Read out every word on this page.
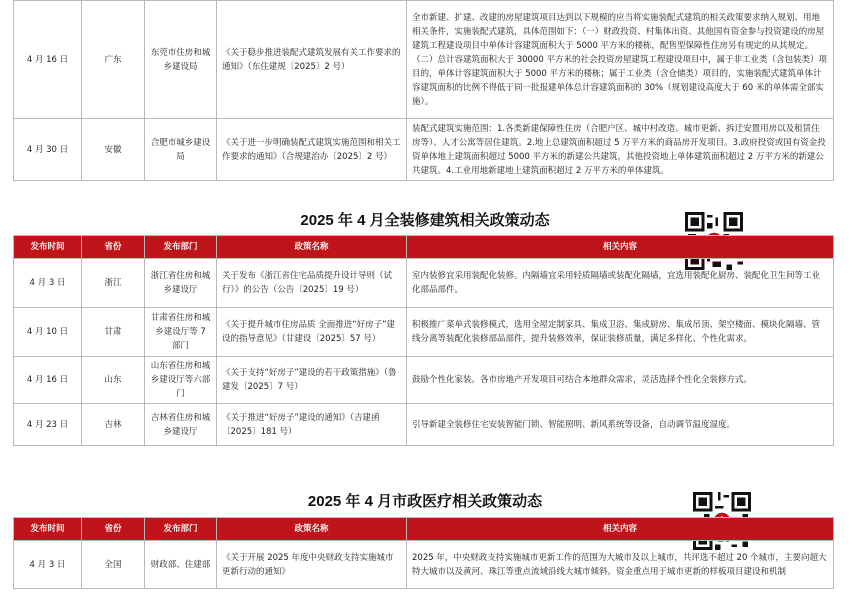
4 月 16 日	广东	东莞市住房和城乡建设局	《关于稳步推进装配式建筑发展有关工作要求的通知》（东住建规〔2025〕2 号）	全市新建、扩建、改建的房屋建筑项目达到以下规模的应当将实施装配式建筑的相关政策要求纳入规划、用地相关条件，实施装配式建筑，具体范围如下：（一）财政投资、村集体出资、其他国有资金参与投资建设的房屋建筑工程建设项目中单体计容建筑面积大于 5000 平方米的楼栋，配售型保障性住房另有规定的从其规定。（二）总计容建筑面积大于 30000 平方米的社会投资房屋建筑工程建设项目中，属于非工业类（含包装类）项目的，单体计容建筑面积大于 5000 平方米的楼栋；属于工业类（含仓储类）项目的，实施装配式建筑单体计容建筑面积的比例不得低于同一批报建单体总计容建筑面积的 30%（规划建设高度大于 60 米的单体需全部实施）。
4 月 30 日	安徽	合肥市城乡建设局	《关于进一步明确装配式建筑实施范围和相关工作要求的通知》（合规建治办〔2025〕2 号）	装配式建筑实施范围：1.各类新建保障性住房（合肥户区、城中村改造、城市更新、拆迁安置用房以及租赁住房等）、人才公寓等居住建筑。2.地上总建筑面积超过 5 万平方米的商品房开发项目。3.政府投资或国有资金投资单体地上建筑面积超过 5000 平方米的新建公共建筑，其他投资地上单体建筑面积超过 2 万平方米的新建公共建筑。4.工业用地新建地上建筑面积超过 2 万平方米的单体建筑。
2025 年 4 月全装修建筑相关政策动态
发布时间	省份	发布部门	政策名称	相关内容
4 月 3 日	浙江	浙江省住房和城乡建设厅	关于发布《浙江省住宅品质提升设计导则（试行）》的公告（公告〔2025〕19 号）	室内装修宜采用装配化装修。内隔墙宜采用轻质隔墙或装配化隔墙，宜选用装配化厨房、装配化卫生间等工业化部品部件。
4 月 10 日	甘肃	甘肃省住房和城乡建设厅等 7 部门	《关于提升城市住房品质 全面推进“好房子”建设的指导意见》（甘建设〔2025〕57 号）	积极推广菜单式装修模式，选用全屋定制家具、集成卫浴、集成厨房、集成吊顶、架空楼面、模块化隔墙、管线分离等装配化装修部品部件，提升装修效率，保证装修质量，满足多样化、个性化需求。
4 月 16 日	山东	山东省住房和城乡建设厅等六部门	《关于支持“好房子”建设的若干政策措施》（鲁建发〔2025〕7 号）	鼓励个性化家装。各市房地产开发项目可结合本地群众需求，灵活选择个性化全装修方式。
4 月 23 日	吉林	吉林省住房和城乡建设厅	《关于推进“好房子”建设的通知》（吉建函〔2025〕181 号）	引导新建全装修住宅安装智能门锁、智能照明、新风系统等设备，自动调节温度湿度。
2025 年 4 月市政医疗相关政策动态
发布时间	省份	发布部门	政策名称	相关内容
4 月 3 日	全国	财政部、住建部	《关于开展 2025 年度中央财政支持实施城市更新行动的通知》	2025 年，中央财政支持实施城市更新工作的范围为大城市及以上城市，共评选不超过 20 个城市，主要向超大特大城市以及黄河、珠江等重点流域沿线大城市倾斜。资金重点用于城市更新的样板项目建设和机制
